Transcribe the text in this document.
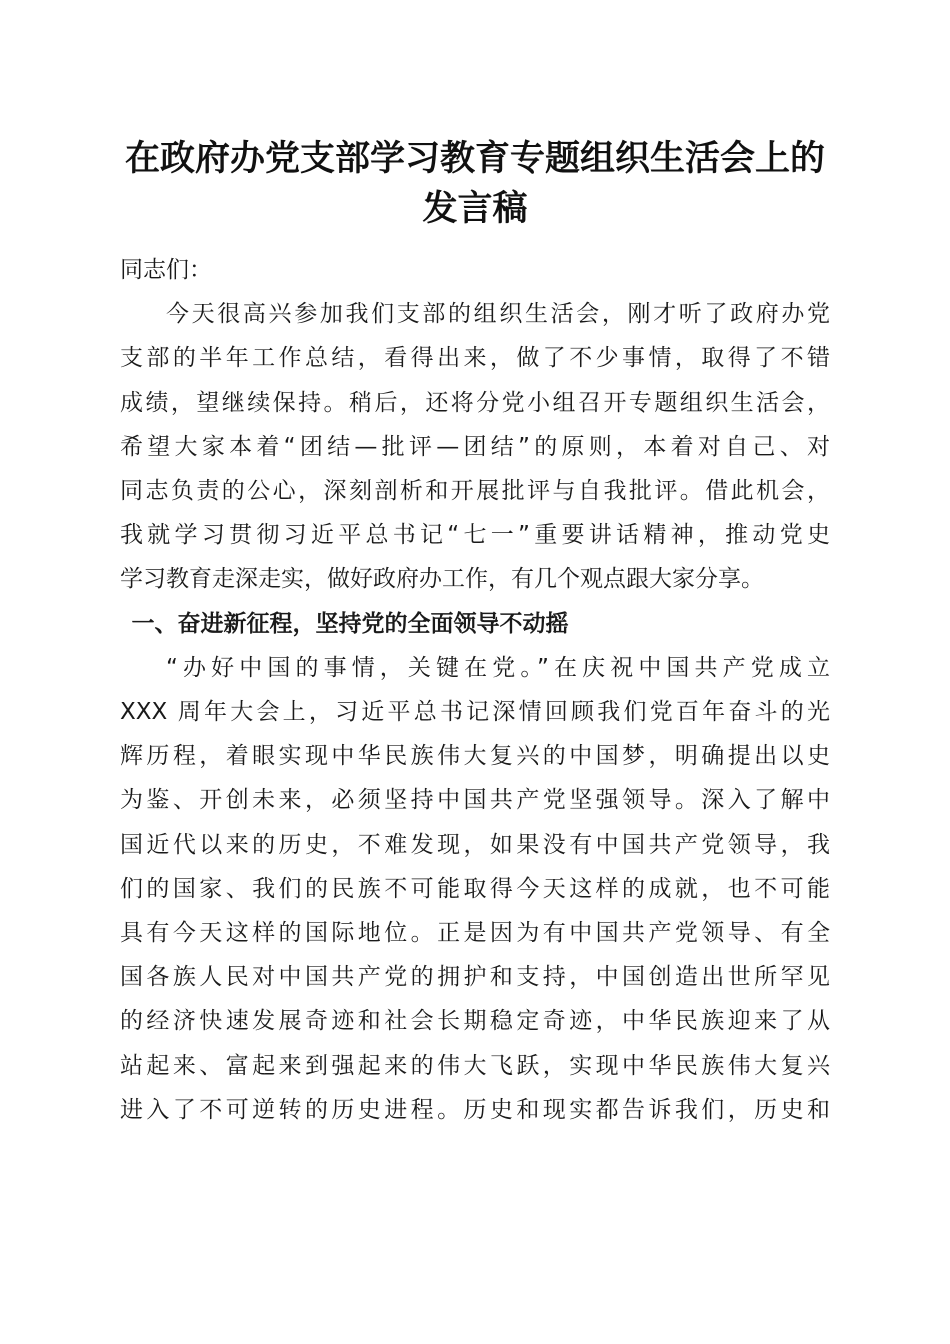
在政府办党支部学习教育专题组织生活会上的
发言稿

同志们：

今天很高兴参加我们支部的组织生活会，刚才听了政府办党
支部的半年工作总结，看得出来，做了不少事情，取得了不错
成绩，望继续保持。稍后，还将分党小组召开专题组织生活会，
希望大家本着“团结—批评—团结”的原则，本着对自己、对
同志负责的公心，深刻剖析和开展批评与自我批评。借此机会，
我就学习贯彻习近平总书记“七一”重要讲话精神，推动党史
学习教育走深走实，做好政府办工作，有几个观点跟大家分享。

一、奋进新征程，坚持党的全面领导不动摇

“办好中国的事情，关键在党。”在庆祝中国共产党成立
XXX 周年大会上，习近平总书记深情回顾我们党百年奋斗的光
辉历程，着眼实现中华民族伟大复兴的中国梦，明确提出以史
为鉴、开创未来，必须坚持中国共产党坚强领导。深入了解中
国近代以来的历史，不难发现，如果没有中国共产党领导，我
们的国家、我们的民族不可能取得今天这样的成就，也不可能
具有今天这样的国际地位。正是因为有中国共产党领导、有全
国各族人民对中国共产党的拥护和支持，中国创造出世所罕见
的经济快速发展奇迹和社会长期稳定奇迹，中华民族迎来了从
站起来、富起来到强起来的伟大飞跃，实现中华民族伟大复兴
进入了不可逆转的历史进程。历史和现实都告诉我们，历史和
